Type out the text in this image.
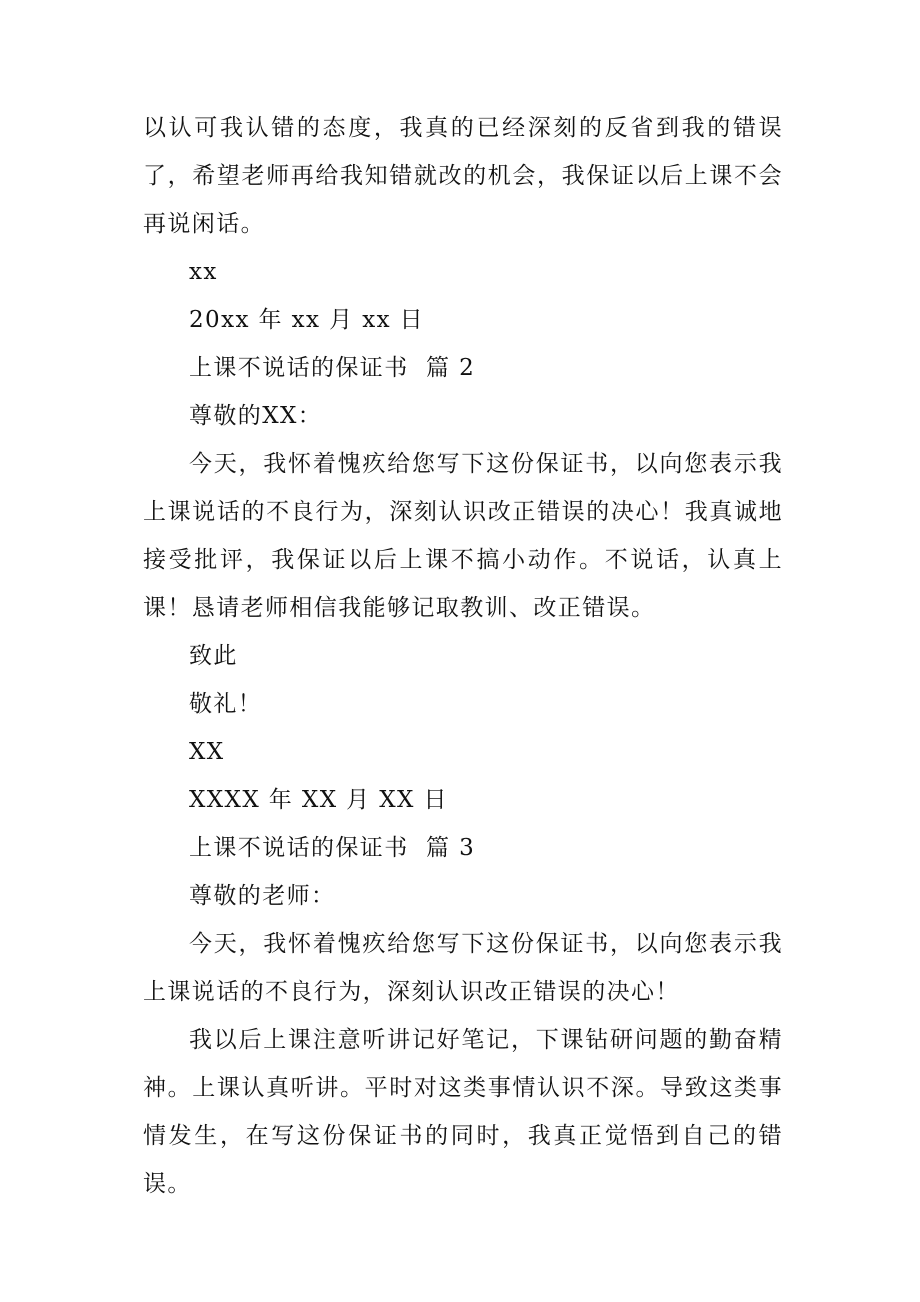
以认可我认错的态度，我真的已经深刻的反省到我的错误了，希望老师再给我知错就改的机会，我保证以后上课不会再说闲话。
xx
20xx 年 xx 月 xx 日
上课不说话的保证书  篇 2
尊敬的XX：
今天，我怀着愧疚给您写下这份保证书，以向您表示我上课说话的不良行为，深刻认识改正错误的决心！我真诚地接受批评，我保证以后上课不搞小动作。不说话，认真上课！恳请老师相信我能够记取教训、改正错误。
致此
敬礼！
XX
XXXX 年 XX 月 XX 日
上课不说话的保证书  篇 3
尊敬的老师：
今天，我怀着愧疚给您写下这份保证书，以向您表示我上课说话的不良行为，深刻认识改正错误的决心！
我以后上课注意听讲记好笔记，下课钻研问题的勤奋精神。上课认真听讲。平时对这类事情认识不深。导致这类事情发生，在写这份保证书的同时，我真正觉悟到自己的错误。
